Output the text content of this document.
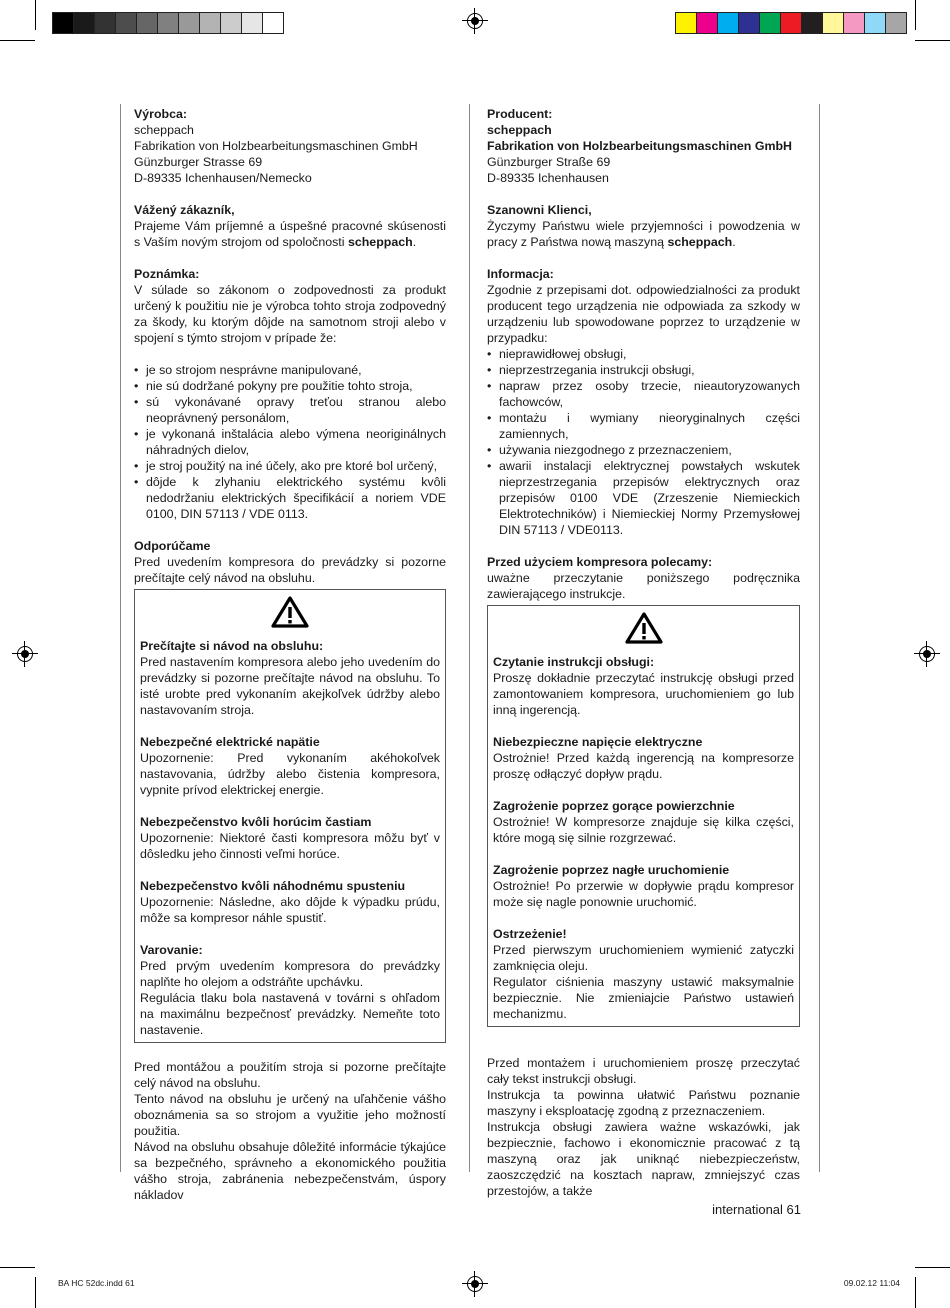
Výrobca:

scheppach

Fabrikation von Holzbearbeitungsmaschinen GmbH

Günzburger Strasse 69

D-89335 Ichenhausen/Nemecko

Vážený zákazník,

Prajeme Vám príjemné a úspešné pracovné skúsenosti s Vaším novým strojom od spoločnosti scheppach.

Poznámka:

V súlade so zákonom o zodpovednosti za produkt určený k použitiu nie je výrobca tohto stroja zodpovedný za škody, ku ktorým dôjde na samotnom stroji alebo v spojení s týmto strojom v prípade že:

• je so strojom nesprávne manipulované,
• nie sú dodržané pokyny pre použitie tohto stroja,
• sú vykonávané opravy treťou stranou alebo neoprávnený personálom,
• je vykonaná inštalácia alebo výmena neoriginálnych náhradných dielov,
• je stroj použitý na iné účely, ako pre ktoré bol určený,
• dôjde k zlyhaniu elektrického systému kvôli nedodržaniu elektrických špecifikácií a noriem VDE 0100, DIN 57113 / VDE 0113.

Odporúčame

Pred uvedením kompresora do prevádzky si pozorne prečítajte celý návod na obsluhu.

Prečítajte si návod na obsluhu:

Pred nastavením kompresora alebo jeho uvedením do prevádzky si pozorne prečítajte návod na obsluhu. To isté urobte pred vykonaním akejkoľvek údržby alebo nastavovaním stroja.

Nebezpečné elektrické napätie

Upozornenie: Pred vykonaním akéhokoľvek nastavovania, údržby alebo čistenia kompresora, vypnite prívod elektrickej energie.

Nebezpečenstvo kvôli horúcim častiam

Upozornenie: Niektoré časti kompresora môžu byť v dôsledku jeho činnosti veľmi horúce.

Nebezpečenstvo kvôli náhodnému spusteniu

Upozornenie: Následne, ako dôjde k výpadku prúdu, môže sa kompresor náhle spustiť.

Varovanie:

Pred prvým uvedením kompresora do prevádzky naplňte ho olejom a odstráňte upchávku.

Regulácia tlaku bola nastavená v továrni s ohľadom na maximálnu bezpečnosť prevádzky. Nemeňte toto nastavenie.

Pred montážou a použitím stroja si pozorne prečítajte celý návod na obsluhu.

Tento návod na obsluhu je určený na uľahčenie vášho oboznámenia sa so strojom a využitie jeho možností použitia.

Návod na obsluhu obsahuje dôležité informácie týkajúce sa bezpečného, správneho a ekonomického použitia vášho stroja, zabránenia nebezpečenstvám, úspory nákladov

Producent:

scheppach

Fabrikation von Holzbearbeitungsmaschinen GmbH

Günzburger Straße 69

D-89335 Ichenhausen

Szanowni Klienci,

Życzymy Państwu wiele przyjemności i powodzenia w pracy z Państwa nową maszyną scheppach.

Informacja:

Zgodnie z przepisami dot. odpowiedzialności za produkt producent tego urządzenia nie odpowiada za szkody w urządzeniu lub spowodowane poprzez to urządzenie w przypadku:

• nieprawidłowej obsługi,
• nieprzestrzegania instrukcji obsługi,
• napraw przez osoby trzecie, nieautoryzowanych fachowców,
• montażu i wymiany nieoryginalnych części zamiennych,
• używania niezgodnego z przeznaczeniem,
• awarii instalacji elektrycznej powstałych wskutek nieprzestrzegania przepisów elektrycznych oraz przepisów 0100 VDE (Zrzeszenie Niemieckich Elektrotechników) i Niemieckiej Normy Przemysłowej DIN 57113 / VDE0113.

Przed użyciem kompresora polecamy:

uważne przeczytanie poniższego podręcznika zawierającego instrukcje.

Czytanie instrukcji obsługi:

Proszę dokładnie przeczytać instrukcję obsługi przed zamontowaniem kompresora, uruchomieniem go lub inną ingerencją.

Niebezpieczne napięcie elektryczne

Ostrożnie! Przed każdą ingerencją na kompresorze proszę odłączyć dopływ prądu.

Zagrożenie poprzez gorące powierzchnie

Ostrożnie! W kompresorze znajduje się kilka części, które mogą się silnie rozgrzewać.

Zagrożenie poprzez nagłe uruchomienie

Ostrożnie! Po przerwie w dopływie prądu kompresor może się nagle ponownie uruchomić.

Ostrzeżenie!

Przed pierwszym uruchomieniem wymienić zatyczki zamknięcia oleju.

Regulator ciśnienia maszyny ustawić maksymalnie bezpiecznie. Nie zmieniajcie Państwo ustawień mechanizmu.

Przed montażem i uruchomieniem proszę przeczytać cały tekst instrukcji obsługi.

Instrukcja ta powinna ułatwić Państwu poznanie maszyny i eksploatację zgodną z przeznaczeniem.

Instrukcja obsługi zawiera ważne wskazówki, jak bezpiecznie, fachowo i ekonomicznie pracować z tą maszyną oraz jak uniknąć niebezpieczeństw, zaoszczędzić na kosztach napraw, zmniejszyć czas przestojów, a także

international 61
BA HC 52dc.indd 61	09.02.12 11:04
